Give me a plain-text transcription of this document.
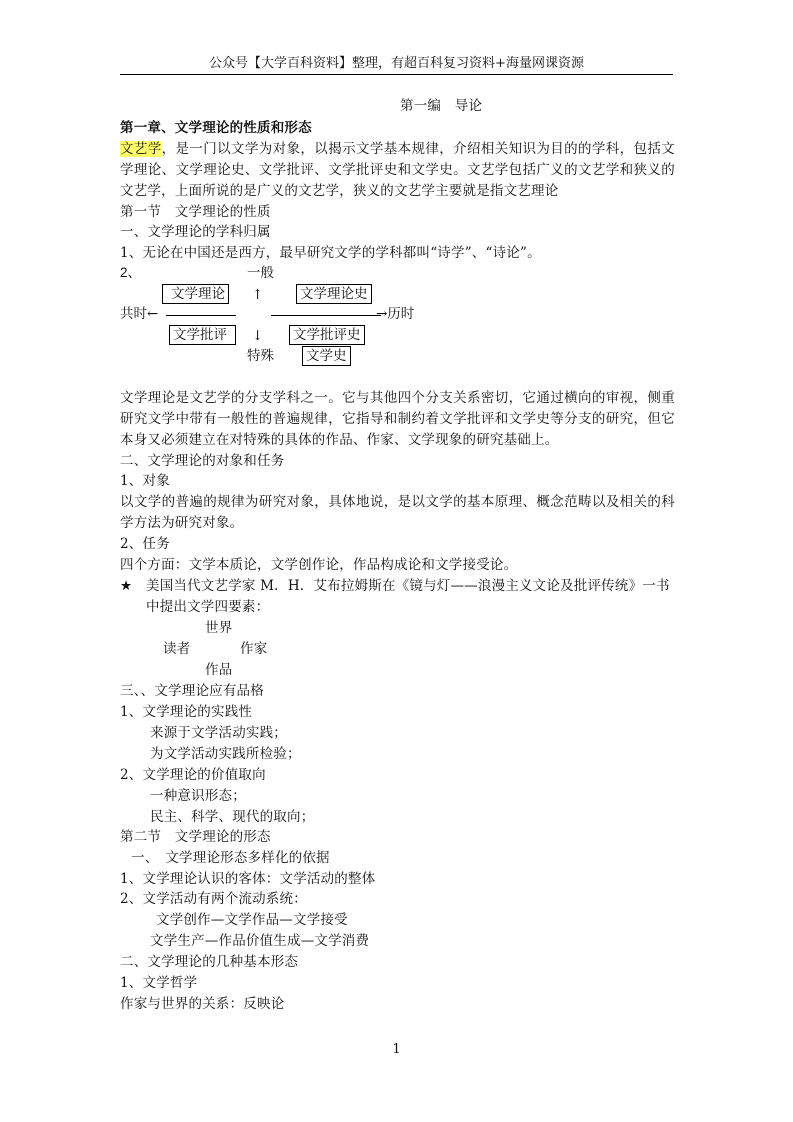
公众号【大学百科资料】整理，有超百科复习资料+海量网课资源
第一编　导论
第一章、文学理论的性质和形态
文艺学，是一门以文学为对象，以揭示文学基本规律，介绍相关知识为目的的学科，包括文学理论、文学理论史、文学批评、文学批评史和文学史。文艺学包括广义的文艺学和狭义的文艺学，上面所说的是广义的文艺学，狭义的文艺学主要就是指文艺理论
第一节　文学理论的性质
一、文学理论的学科归属
1、无论在中国还是西方，最早研究文学的学科都叫“诗学”、“诗论”。
2、	一般
文学理论 ↑	文学理论史
共时←	→历时
文学批评	↓ 文学批评史
特殊 文学史
文学理论是文艺学的分支学科之一。它与其他四个分支关系密切，它通过横向的审视，侧重研究文学中带有一般性的普遍规律，它指导和制约着文学批评和文学史等分支的研究，但它本身又必须建立在对特殊的具体的作品、作家、文学现象的研究基础上。
二、文学理论的对象和任务
1、对象
以文学的普遍的规律为研究对象，具体地说，是以文学的基本原理、概念范畴以及相关的科学方法为研究对象。
2、任务
四个方面：文学本质论，文学创作论，作品构成论和文学接受论。
★ 美国当代文艺学家 M．H．艾布拉姆斯在《镜与灯——浪漫主义文论及批评传统》一书
中提出文学四要素：
世界
读者	作家
作品
三、、文学理论应有品格
1、文学理论的实践性
来源于文学活动实践；
为文学活动实践所检验；
2、文学理论的价值取向
一种意识形态；
民主、科学、现代的取向；
第二节　文学理论的形态
一、　文学理论形态多样化的依据
1、文学理论认识的客体：文学活动的整体
2、文学活动有两个流动系统：
文学创作—文学作品—文学接受
文学生产—作品价值生成—文学消费
二、文学理论的几种基本形态
1、文学哲学
作家与世界的关系：反映论
1
